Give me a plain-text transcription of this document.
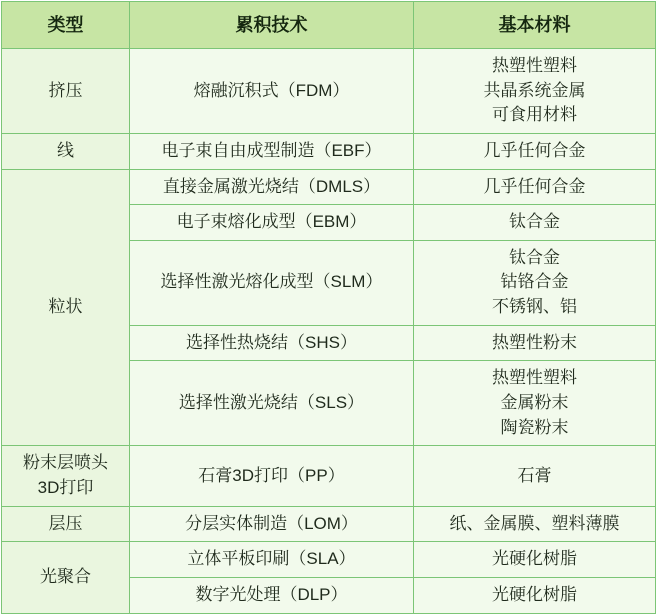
类型	累积技术	基本材料

挤压	熔融沉积式（FDM）	热塑性塑料
共晶系统金属
可食用材料

线	电子束自由成型制造（EBF）	几乎任何合金

粒状	直接金属激光烧结（DMLS）	几乎任何合金

	电子束熔化成型（EBM）	钛合金

	选择性激光熔化成型（SLM）	钛合金
钴铬合金
不锈钢、铝

	选择性热烧结（SHS）	热塑性粉末

	选择性激光烧结（SLS）	热塑性塑料
金属粉末
陶瓷粉末

粉末层喷头
3D打印	石膏3D打印（PP）	石膏

层压	分层实体制造（LOM）	纸、金属膜、塑料薄膜

光聚合	立体平板印刷（SLA）	光硬化树脂

	数字光处理（DLP）	光硬化树脂
